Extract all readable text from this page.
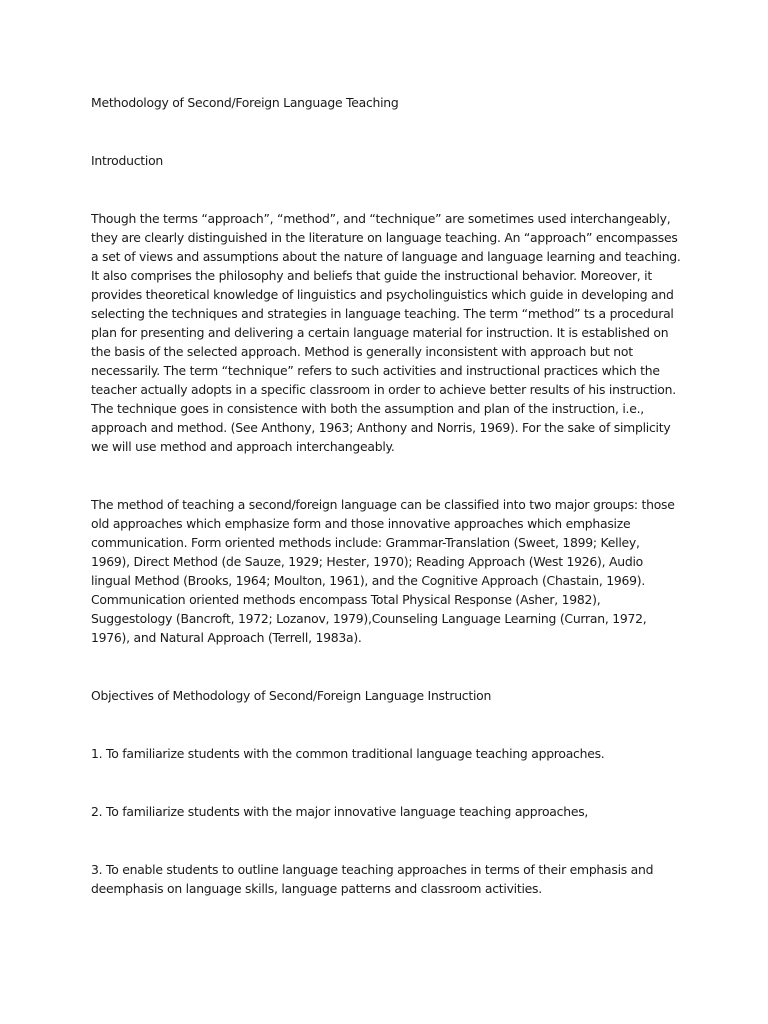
Methodology of Second/Foreign Language Teaching

Introduction

Though the terms “approach”, “method”, and “technique” are sometimes used interchangeably, they are clearly distinguished in the literature on language teaching. An “approach” encompasses a set of views and assumptions about the nature of language and language learning and teaching. It also comprises the philosophy and beliefs that guide the instructional behavior. Moreover, it provides theoretical knowledge of linguistics and psycholinguistics which guide in developing and selecting the techniques and strategies in language teaching. The term “method” ts a procedural plan for presenting and delivering a certain language material for instruction. It is established on the basis of the selected approach. Method is generally inconsistent with approach but not necessarily. The term “technique” refers to such activities and instructional practices which the teacher actually adopts in a specific classroom in order to achieve better results of his instruction. The technique goes in consistence with both the assumption and plan of the instruction, i.e., approach and method. (See Anthony, 1963; Anthony and Norris, 1969). For the sake of simplicity we will use method and approach interchangeably.

The method of teaching a second/foreign language can be classified into two major groups: those old approaches which emphasize form and those innovative approaches which emphasize communication. Form oriented methods include: Grammar-Translation (Sweet, 1899; Kelley, 1969), Direct Method (de Sauze, 1929; Hester, 1970); Reading Approach (West 1926), Audio lingual Method (Brooks, 1964; Moulton, 1961), and the Cognitive Approach (Chastain, 1969). Communication oriented methods encompass Total Physical Response (Asher, 1982), Suggestology (Bancroft, 1972; Lozanov, 1979),Counseling Language Learning (Curran, 1972, 1976), and Natural Approach (Terrell, 1983a).

Objectives of Methodology of Second/Foreign Language Instruction

1. To familiarize students with the common traditional language teaching approaches.

2. To familiarize students with the major innovative language teaching approaches,

3. To enable students to outline language teaching approaches in terms of their emphasis and deemphasis on language skills, language patterns and classroom activities.
